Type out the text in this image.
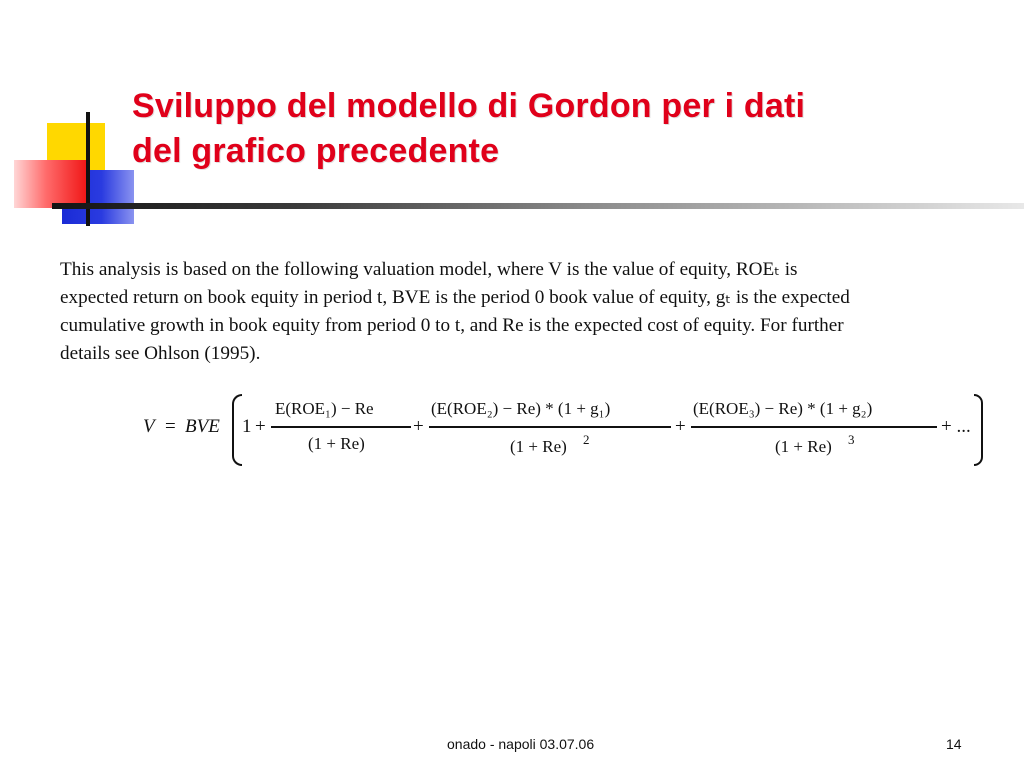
Sviluppo del modello di Gordon per i dati
del grafico precedente
This analysis is based on the following valuation model, where V is the value of equity, ROEₜ is
expected return on book equity in period t, BVE is the period 0 book value of equity, gₜ is the expected
cumulative growth in book equity from period 0 to t, and Re is the expected cost of equity. For further
details see Ohlson (1995).
V = BVE 1 +
E(ROE₁) − Re
(1 + Re)
+
(E(ROE₂) − Re) * (1 + g₁)
(1 + Re) 2
+
(E(ROE₃) − Re) * (1 + g₂)
(1 + Re) 3
+ ...
onado - napoli 03.07.06	14
